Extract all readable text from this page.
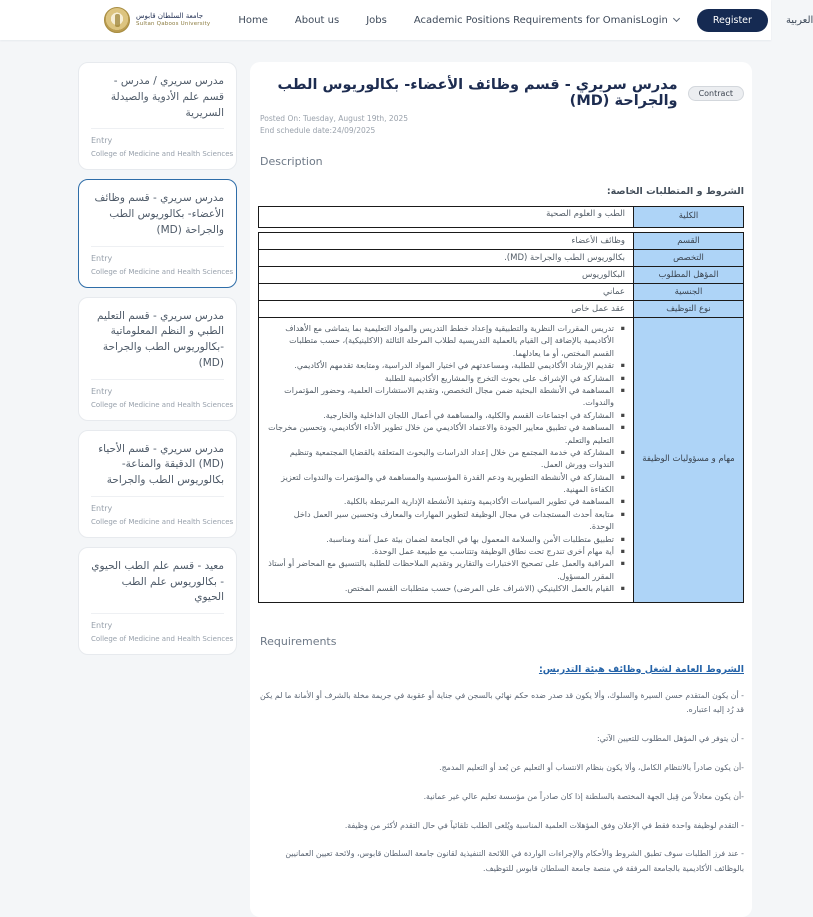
جامعة السلطان قابوس
Sultan Qaboos University	Home	About us	Jobs	Academic Positions Requirements for Omanis Login	Register	العربية
مدرس سريري / مدرس - قسم علم الأدوية والصيدلة السريرية
Entry
College of Medicine and Health Sciences
مدرس سريري - قسم وظائف الأعضاء- بكالوريوس الطب والجراحة (MD)
Entry
College of Medicine and Health Sciences
مدرس سريري - قسم التعليم الطبي و النظم المعلوماتية -بكالوريوس الطب والجراحة (MD)
Entry
College of Medicine and Health Sciences
مدرس سريري - قسم الأحياء (MD) الدقيقة والمناعة- بكالوريوس الطب والجراحة
Entry
College of Medicine and Health Sciences
معيد - قسم علم الطب الحيوي - بكالوريوس علم الطب الحيوي
Entry
College of Medicine and Health Sciences
مدرس سريري - قسم وظائف الأعضاء- بكالوريوس الطب والجراحة (MD)	Contract
Posted On: Tuesday, August 19th, 2025
End schedule date:24/09/2025
Description
الشروط و المتطلبات الخاصة:
الكلية	الطب و العلوم الصحية
القسم	وظائف الأعضاء
التخصص	بكالوريوس الطب والجراحة (MD).
المؤهل المطلوب	البكالوريوس
الجنسية	عماني
نوع التوظيف	عقد عمل خاص
مهام و مسؤوليات الوظيفة	
▪ تدريس المقررات النظرية والتطبيقية وإعداد خطط التدريس والمواد التعليمية بما يتماشى مع الأهداف الأكاديمية بالإضافة إلى القيام بالعملية التدريسية لطلاب المرحلة الثالثة (الاكلينيكية)، حسب متطلبات القسم المختص، أو ما يعادلهما.
▪ تقديم الإرشاد الأكاديمي للطلبة، ومساعدتهم في اختيار المواد الدراسية، ومتابعة تقدمهم الأكاديمي.
▪ المشاركة في الإشراف على بحوث التخرج والمشاريع الأكاديمية للطلبة
▪ المساهمة في الأنشطة البحثية ضمن مجال التخصص، وتقديم الاستشارات العلمية، وحضور المؤتمرات والندوات.
▪ المشاركة في اجتماعات القسم والكلية، والمساهمة في أعمال اللجان الداخلية والخارجية.
▪ المساهمة في تطبيق معايير الجودة والاعتماد الأكاديمي من خلال تطوير الأداء الأكاديمي، وتحسين مخرجات التعليم والتعلم.
▪ المشاركة في خدمة المجتمع من خلال إعداد الدراسات والبحوث المتعلقة بالقضايا المجتمعية وتنظيم الندوات وورش العمل.
▪ المشاركة في الأنشطة التطويرية ودعم القدرة المؤسسية والمساهمة في والمؤتمرات والندوات لتعزيز الكفاءة المهنية.
▪ المساهمة في تطوير السياسات الأكاديمية وتنفيذ الأنشطة الإدارية المرتبطة بالكلية.
▪ متابعة أحدث المستجدات في مجال الوظيفة لتطوير المهارات والمعارف وتحسين سير العمل داخل الوحدة.
▪ تطبيق متطلبات الأمن والسلامة المعمول بها في الجامعة لضمان بيئة عمل آمنة ومناسبة.
▪ أية مهام أخرى تندرج تحت نطاق الوظيفة وتتناسب مع طبيعة عمل الوحدة.
▪ المراقبة والعمل على تصحيح الاختبارات والتقارير وتقديم الملاحظات للطلبة بالتنسيق مع المحاضر أو أستاذ المقرر المسؤول.
▪ القيام بالعمل الاكلينيكي (الاشراف على المرضى) حسب متطلبات القسم المختص.
Requirements
الشروط العامة لشغل وظائف هيئة التدريس:

- أن يكون المتقدم حسن السيرة والسلوك، وألا يكون قد صدر ضده حكم نهائي بالسجن في جناية أو عقوبة في جريمة مخلة بالشرف أو الأمانة ما لم يكن قد رُد إليه اعتباره.

- أن يتوفر في المؤهل المطلوب للتعيين الآتي:

-أن يكون صادراً بالانتظام الكامل، وألا يكون بنظام الانتساب أو التعليم عن بُعد أو التعليم المدمج.

-أن يكون معادلاً من قِبل الجهة المختصة بالسلطنة إذا كان صادراً من مؤسسة تعليم عالي غير عمانية.

- التقدم لوظيفة واحدة فقط في الإعلان وفق المؤهلات العلمية المناسبة ويُلغى الطلب تلقائياً في حال التقدم لأكثر من وظيفة.

- عند فرز الطلبات سوف تطبق الشروط والأحكام والإجراءات الواردة في اللائحة التنفيذية لقانون جامعة السلطان قابوس، ولائحة تعيين العمانيين بالوظائف الأكاديمية بالجامعة المرفقة في منصة جامعة السلطان قابوس للتوظيف.
